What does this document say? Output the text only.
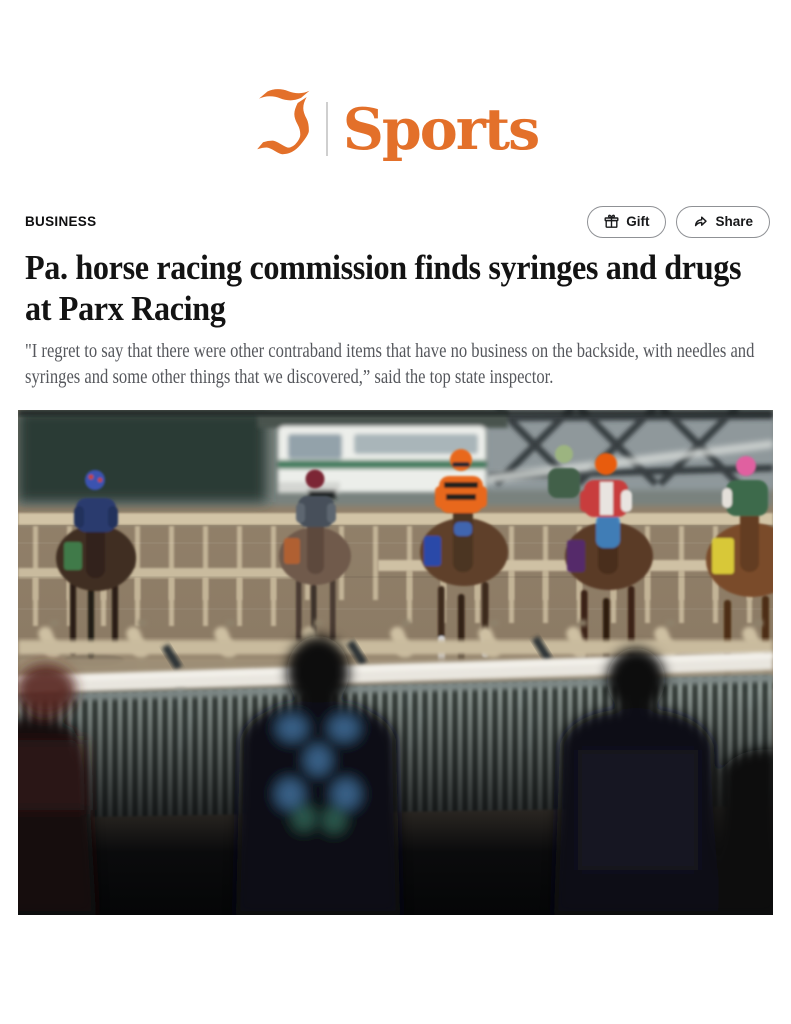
ℑ Sports
BUSINESS	Gift	Share
Pa. horse racing commission finds syringes and drugs at Parx Racing

"I regret to say that there were other contraband items that have no business on the backside, with needles and syringes and some other things that we discovered,” said the top state inspector.
